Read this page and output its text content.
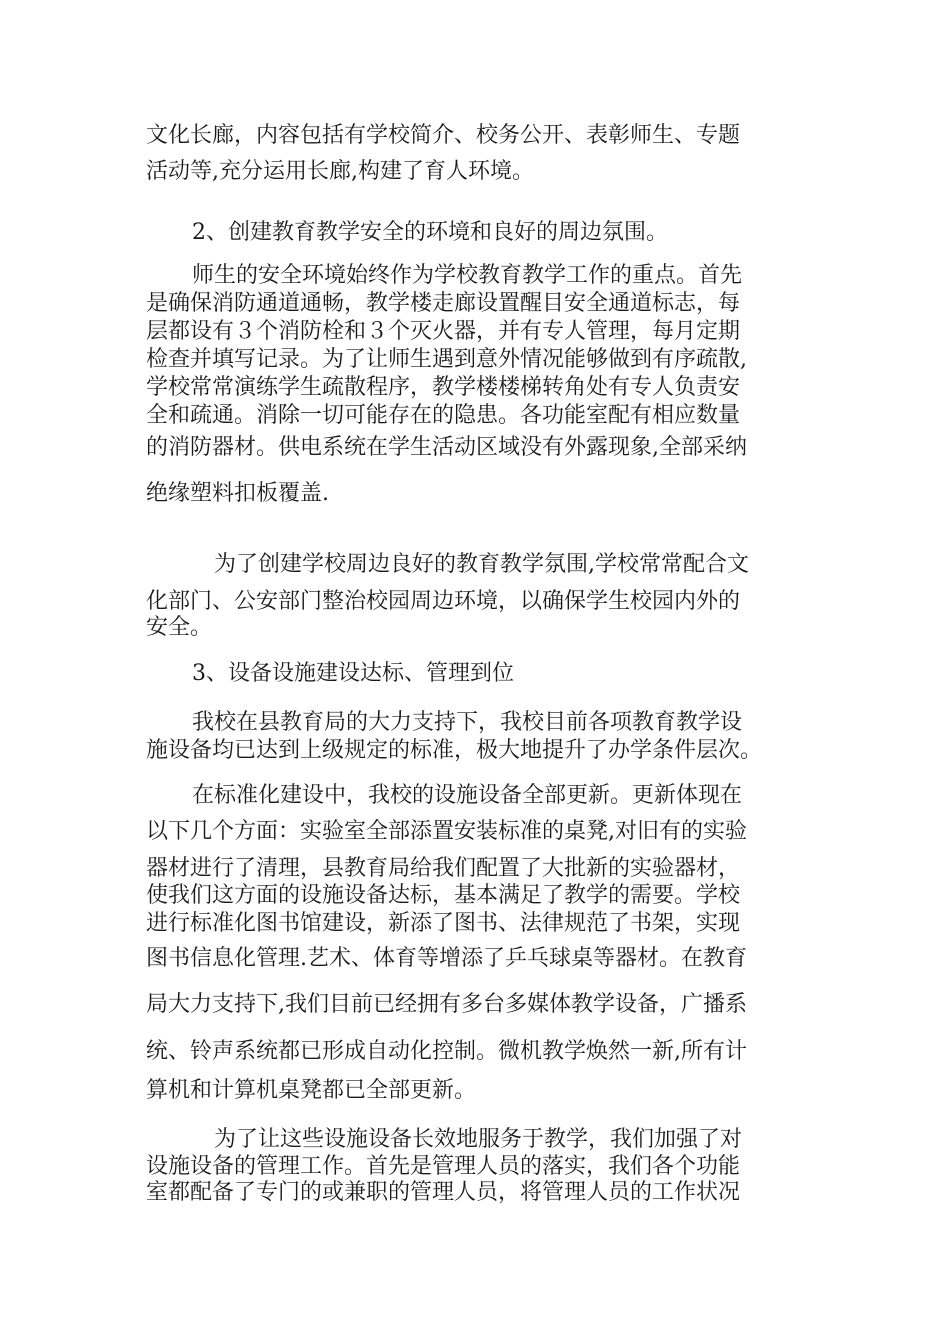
文化长廊，内容包括有学校简介、校务公开、表彰师生、专题
活动等,充分运用长廊,构建了育人环境。
2、创建教育教学安全的环境和良好的周边氛围。
师生的安全环境始终作为学校教育教学工作的重点。首先
是确保消防通道通畅，教学楼走廊设置醒目安全通道标志，每
层都设有３个消防栓和３个灭火器，并有专人管理，每月定期
检查并填写记录。为了让师生遇到意外情况能够做到有序疏散,
学校常常演练学生疏散程序，教学楼楼梯转角处有专人负责安
全和疏通。消除一切可能存在的隐患。各功能室配有相应数量
的消防器材。供电系统在学生活动区域没有外露现象,全部采纳
绝缘塑料扣板覆盖.
为了创建学校周边良好的教育教学氛围,学校常常配合文
化部门、公安部门整治校园周边环境，以确保学生校园内外的
安全。
3、设备设施建设达标、管理到位
我校在县教育局的大力支持下，我校目前各项教育教学设
施设备均已达到上级规定的标准，极大地提升了办学条件层次。
在标准化建设中，我校的设施设备全部更新。更新体现在
以下几个方面：实验室全部添置安装标准的桌凳,对旧有的实验
器材进行了清理，县教育局给我们配置了大批新的实验器材，
使我们这方面的设施设备达标，基本满足了教学的需要。学校
进行标准化图书馆建设，新添了图书、法律规范了书架，实现
图书信息化管理.艺术、体育等增添了乒乓球桌等器材。在教育
局大力支持下,我们目前已经拥有多台多媒体教学设备，广播系
统、铃声系统都已形成自动化控制。微机教学焕然一新,所有计
算机和计算机桌凳都已全部更新。
为了让这些设施设备长效地服务于教学，我们加强了对
设施设备的管理工作。首先是管理人员的落实，我们各个功能
室都配备了专门的或兼职的管理人员，将管理人员的工作状况
